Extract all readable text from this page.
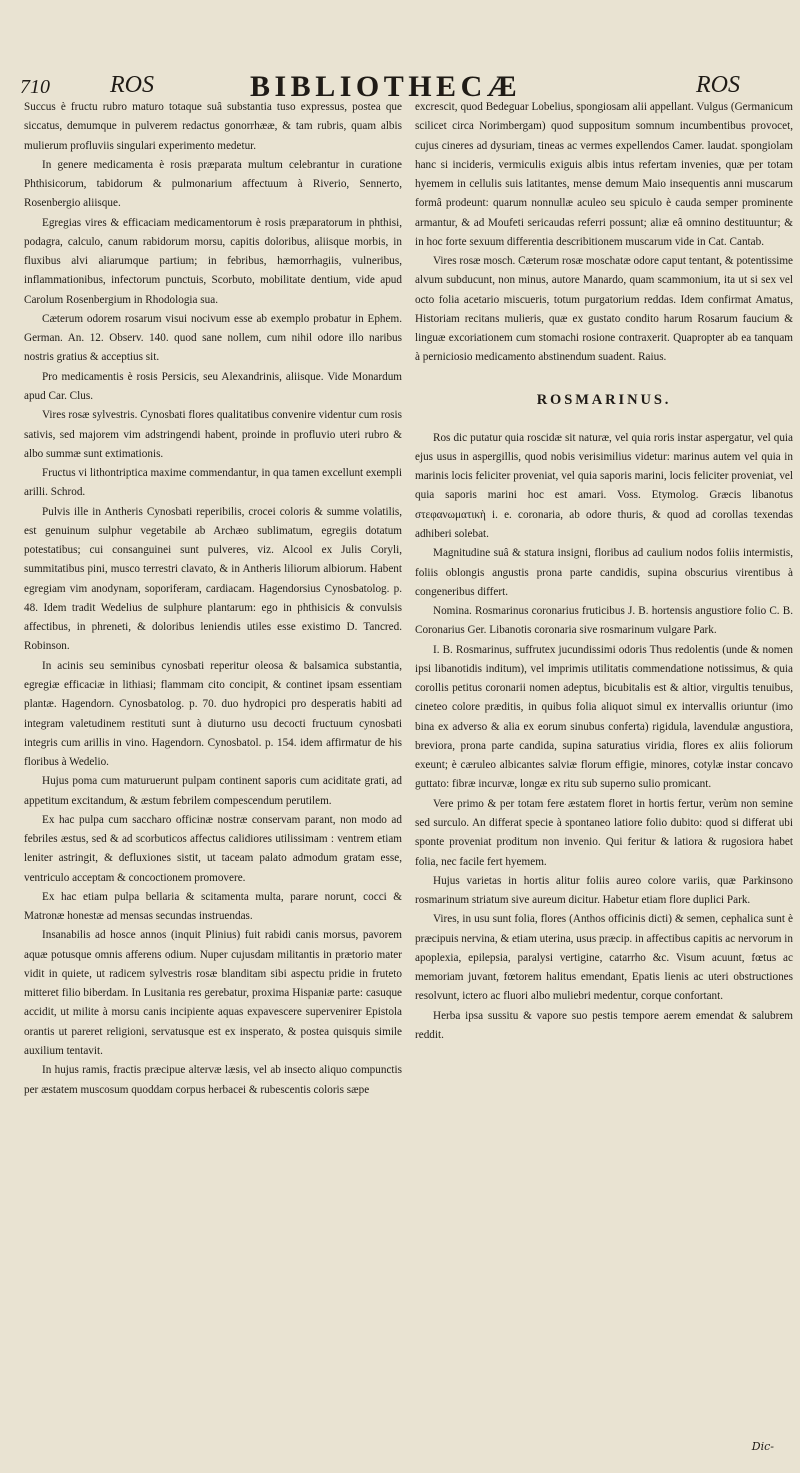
710	ROS	BIBLIOTHECÆ	ROS

Succus è fructu rubro maturo totaque suâ substantia tuso expressus, postea que siccatus, demumque in pulverem redactus gonorrhææ, & tam rubris, quam albis mulierum profluviis singulari experimento medetur.

In genere medicamenta è rosis præparata multum celebrantur in curatione Phthisicorum, tabidorum & pulmonarium affectuum à Riverio, Sennerto, Rosenbergio aliisque.

Egregias vires & efficaciam medicamentorum è rosis præparatorum in phthisi, podagra, calculo, canum rabidorum morsu, capitis doloribus, aliisque morbis, in fluxibus alvi aliarumque partium; in febribus, hæmorrhagiis, vulneribus, inflammationibus, infectorum punctuis, Scorbuto, mobilitate dentium, vide apud Carolum Rosenbergium in Rhodologia sua.

Cæterum odorem rosarum visui nocivum esse ab exemplo probatur in Ephem. German. An. 12. Observ. 140. quod sane nollem, cum nihil odore illo naribus nostris gratius & acceptius sit.

Pro medicamentis è rosis Persicis, seu Alexandrinis, aliisque. Vide Monardum apud Car. Clus.

Vires rosæ sylvestris. Cynosbati flores qualitatibus convenire videntur cum rosis sativis, sed majorem vim adstringendi habent, proinde in profluvio uteri rubro & albo summæ sunt extimationis.

Fructus vi lithontriptica maxime commendantur, in qua tamen excellunt exempli arilli. Schrod.

Pulvis ille in Antheris Cynosbati reperibilis, crocei coloris & summe volatilis, est genuinum sulphur vegetabile ab Archæo sublimatum, egregiis dotatum potestatibus; cui consanguinei sunt pulveres, viz. Alcool ex Julis Coryli, summitatibus pini, musco terrestri clavato, & in Antheris liliorum albiorum. Habent egregiam vim anodynam, soporiferam, cardiacam. Hagendorsius Cynosbatolog. p. 48. Idem tradit Wedelius de sulphure plantarum: ego in phthisicis & convulsis affectibus, in phreneti, & doloribus leniendis utiles esse existimo D. Tancred. Robinson.

In acinis seu seminibus cynosbati reperitur oleosa & balsamica substantia, egregiæ efficaciæ in lithiasi; flammam cito concipit, & continet ipsam essentiam plantæ. Hagendorn. Cynosbatolog. p. 70. duo hydropici pro desperatis habiti ad integram valetudinem restituti sunt à diuturno usu decocti fructuum cynosbati integris cum arillis in vino. Hagendorn. Cynosbatol. p. 154. idem affirmatur de his floribus à Wedelio.

Hujus poma cum maturuerunt pulpam continent saporis cum aciditate grati, ad appetitum excitandum, & æstum febrilem compescendum perutilem.

Ex hac pulpa cum saccharo officinæ nostræ conservam parant, non modo ad febriles æstus, sed & ad scorbuticos affectus calidiores utilissimam : ventrem etiam leniter astringit, & defluxiones sistit, ut taceam palato admodum gratam esse, ventriculo acceptam & concoctionem promovere.

Ex hac etiam pulpa bellaria & scitamenta multa, parare norunt, cocci & Matronæ honestæ ad mensas secundas instruendas.

Insanabilis ad hosce annos (inquit Plinius) fuit rabidi canis morsus, pavorem aquæ potusque omnis afferens odium. Nuper cujusdam militantis in prætorio mater vidit in quiete, ut radicem sylvestris rosæ blanditam sibi aspectu pridie in fruteto mitteret filio biberdam. In Lusitania res gerebatur, proxima Hispaniæ parte: casuque accidit, ut milite à morsu canis incipiente aquas expavescere supervenirer Epistola orantis ut pareret religioni, servatusque est ex insperato, & postea quisquis simile auxilium tentavit.

In hujus ramis, fractis præcipue altervæ læsis, vel ab insecto aliquo compunctis per æstatem muscosum quoddam corpus herbacei & rubescentis coloris sæpe

excrescit, quod Bedeguar Lobelius, spongiosam alii appellant. Vulgus (Germanicum scilicet circa Norimbergam) quod suppositum somnum incumbentibus provocet, cujus cineres ad dysuriam, tineas ac vermes expellendos Camer. laudat. spongiolam hanc si incideris, vermiculis exiguis albis intus refertam invenies, quæ per totam hyemem in cellulis suis latitantes, mense demum Maio insequentis anni muscarum formâ prodeunt: quarum nonnullæ aculeo seu spiculo è cauda semper prominente armantur, & ad Moufeti sericaudas referri possunt; aliæ eâ omnino destituuntur; & in hoc forte sexuum differentia describitionem muscarum vide in Cat. Cantab.

Vires rosæ mosch. Cæterum rosæ moschatæ odore caput tentant, & potentissime alvum subducunt, non minus, autore Manardo, quam scammonium, ita ut si sex vel octo folia acetario miscueris, totum purgatorium reddas. Idem confirmat Amatus, Historiam recitans mulieris, quæ ex gustato condito harum Rosarum faucium & linguæ excoriationem cum stomachi rosione contraxerit. Quapropter ab ea tanquam à perniciosio medicamento abstinendum suadent. Raius.

ROSMARINUS.

Ros dic putatur quia roscidæ sit naturæ, vel quia roris instar aspergatur, vel quia ejus usus in aspergillis, quod nobis verisimilius videtur: marinus autem vel quia in marinis locis feliciter proveniat, vel quia saporis marini, locis feliciter proveniat, vel quia saporis marini hoc est amari. Voss. Etymolog. Græcis libanotus στεφανωματικὴ i. e. coronaria, ab odore thuris, & quod ad corollas texendas adhiberi solebat.

Magnitudine suâ & statura insigni, floribus ad caulium nodos foliis intermistis, foliis oblongis angustis prona parte candidis, supina obscurius virentibus à congeneribus differt.

Nomina. Rosmarinus coronarius fruticibus J. B. hortensis angustiore folio C. B. Coronarius Ger. Libanotis coronaria sive rosmarinum vulgare Park.

I. B. Rosmarinus, suffrutex jucundissimi odoris Thus redolentis (unde & nomen ipsi libanotidis inditum), vel imprimis utilitatis commendatione notissimus, & quia corollis petitus coronarii nomen adeptus, bicubitalis est & altior, virgultis tenuibus, cineteo colore præditis, in quibus folia aliquot simul ex intervallis oriuntur (imo bina ex adverso & alia ex eorum sinubus conferta) rigidula, lavendulæ angustiora, breviora, prona parte candida, supina saturatius viridia, flores ex aliis foliorum exeunt; è cæruleo albicantes salviæ florum effigie, minores, cotylæ instar concavo guttato: fibræ incurvæ, longæ ex ritu sub superno sulio promicant.

Vere primo & per totam fere æstatem floret in hortis fertur, verùm non semine sed surculo. An differat specie à spontaneo latiore folio dubito: quod si differat ubi sponte proveniat proditum non invenio. Qui feritur & latiora & rugosiora habet folia, nec facile fert hyemem.

Hujus varietas in hortis alitur foliis aureo colore variis, quæ Parkinsono rosmarinum striatum sive aureum dicitur. Habetur etiam flore duplici Park.

Vires, in usu sunt folia, flores (Anthos officinis dicti) & semen, cephalica sunt è præcipuis nervina, & etiam uterina, usus præcip. in affectibus capitis ac nervorum in apoplexia, epilepsia, paralysi vertigine, catarrho &c. Visum acuunt, fœtus ac memoriam juvant, fœtorem halitus emendant, Epatis lienis ac uteri obstructiones resolvunt, ictero ac fluori albo muliebri medentur, corque confortant.

Herba ipsa sussitu & vapore suo pestis tempore aerem emendat & salubrem reddit.

Dic-
